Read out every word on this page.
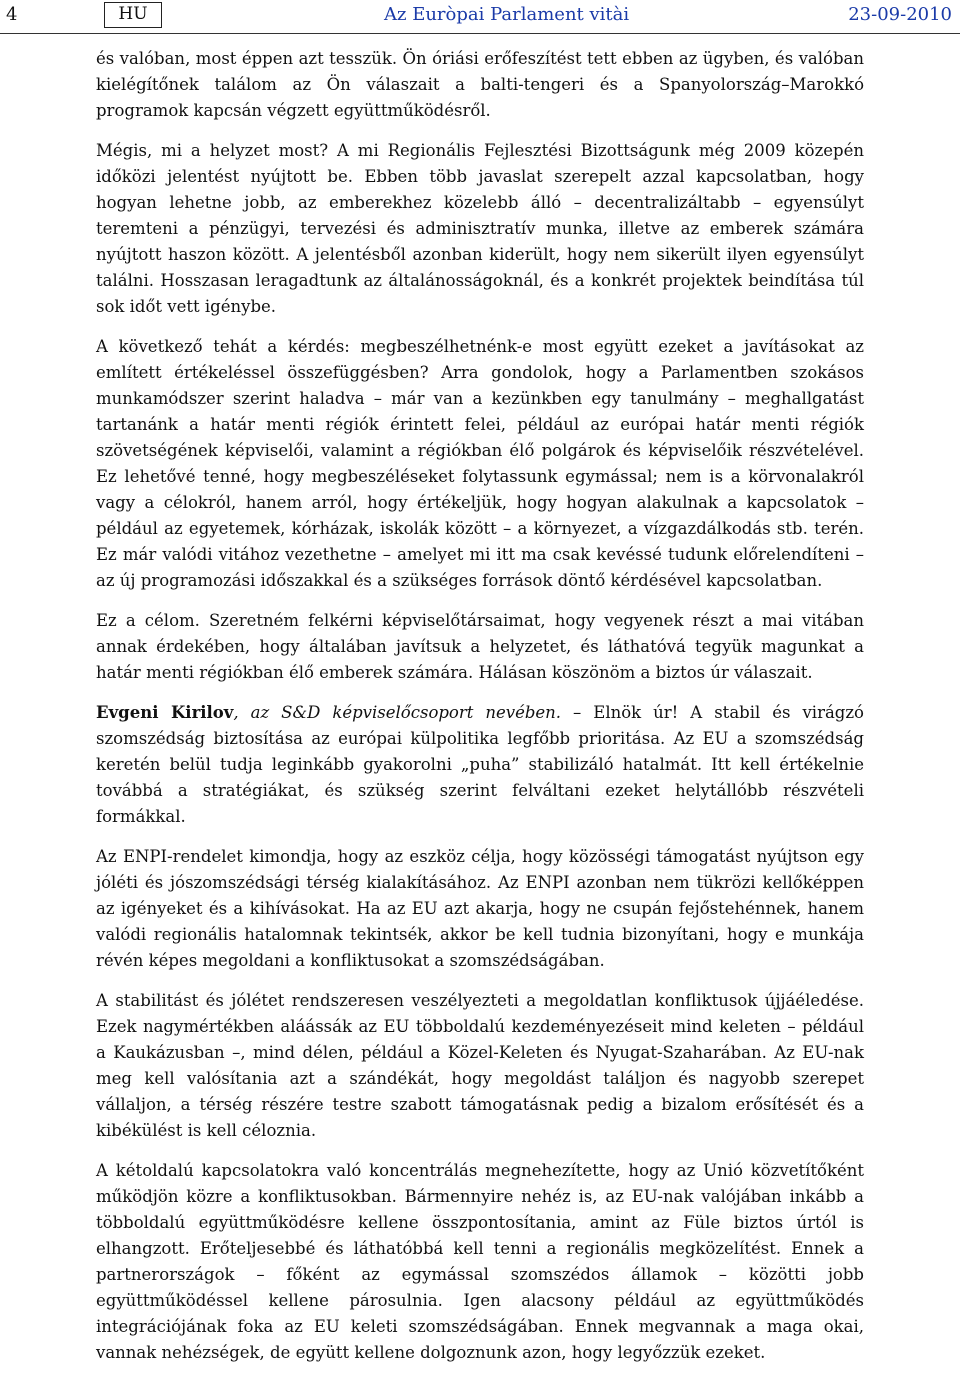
4	HU	Az Euròpai Parlament vitài	23-09-2010

és valóban, most éppen azt tesszük. Ön óriási erőfeszítést tett ebben az ügyben, és valóban kielégítőnek találom az Ön válaszait a balti-tengeri és a Spanyolország–Marokkó programok kapcsán végzett együttműködésről.

Mégis, mi a helyzet most? A mi Regionális Fejlesztési Bizottságunk még 2009 közepén időközi jelentést nyújtott be. Ebben több javaslat szerepelt azzal kapcsolatban, hogy hogyan lehetne jobb, az emberekhez közelebb álló – decentralizáltabb – egyensúlyt teremteni a pénzügyi, tervezési és adminisztratív munka, illetve az emberek számára nyújtott haszon között. A jelentésből azonban kiderült, hogy nem sikerült ilyen egyensúlyt találni. Hosszasan leragadtunk az általánosságoknál, és a konkrét projektek beindítása túl sok időt vett igénybe.

A következő tehát a kérdés: megbeszélhetnénk-e most együtt ezeket a javításokat az említett értékeléssel összefüggésben? Arra gondolok, hogy a Parlamentben szokásos munkamódszer szerint haladva – már van a kezünkben egy tanulmány – meghallgatást tartanánk a határ menti régiók érintett felei, például az európai határ menti régiók szövetségének képviselői, valamint a régiókban élő polgárok és képviselőik részvételével. Ez lehetővé tenné, hogy megbeszéléseket folytassunk egymással; nem is a körvonalakról vagy a célokról, hanem arról, hogy értékeljük, hogy hogyan alakulnak a kapcsolatok – például az egyetemek, kórházak, iskolák között – a környezet, a vízgazdálkodás stb. terén. Ez már valódi vitához vezethetne – amelyet mi itt ma csak kevéssé tudunk előrelendíteni – az új programozási időszakkal és a szükséges források döntő kérdésével kapcsolatban.

Ez a célom. Szeretném felkérni képviselőtársaimat, hogy vegyenek részt a mai vitában annak érdekében, hogy általában javítsuk a helyzetet, és láthatóvá tegyük magunkat a határ menti régiókban élő emberek számára. Hálásan köszönöm a biztos úr válaszait.

Evgeni Kirilov, az S&D képviselőcsoport nevében. – Elnök úr! A stabil és virágzó szomszédság biztosítása az európai külpolitika legfőbb prioritása. Az EU a szomszédság keretén belül tudja leginkább gyakorolni „puha” stabilizáló hatalmát. Itt kell értékelnie továbbá a stratégiákat, és szükség szerint felváltani ezeket helytállóbb részvételi formákkal.

Az ENPI-rendelet kimondja, hogy az eszköz célja, hogy közösségi támogatást nyújtson egy jóléti és jószomszédsági térség kialakításához. Az ENPI azonban nem tükrözi kellőképpen az igényeket és a kihívásokat. Ha az EU azt akarja, hogy ne csupán fejőstehénnek, hanem valódi regionális hatalomnak tekintsék, akkor be kell tudnia bizonyítani, hogy e munkája révén képes megoldani a konfliktusokat a szomszédságában.

A stabilitást és jólétet rendszeresen veszélyezteti a megoldatlan konfliktusok újjáéledése. Ezek nagymértékben aláássák az EU többoldalú kezdeményezéseit mind keleten – például a Kaukázusban –, mind délen, például a Közel-Keleten és Nyugat-Szaharában. Az EU-nak meg kell valósítania azt a szándékát, hogy megoldást találjon és nagyobb szerepet vállaljon, a térség részére testre szabott támogatásnak pedig a bizalom erősítését és a kibékülést is kell céloznia.

A kétoldalú kapcsolatokra való koncentrálás megnehezítette, hogy az Unió közvetítőként működjön közre a konfliktusokban. Bármennyire nehéz is, az EU-nak valójában inkább a többoldalú együttműködésre kellene összpontosítania, amint az Füle biztos úrtól is elhangzott. Erőteljesebbé és láthatóbbá kell tenni a regionális megközelítést. Ennek a partnerországok – főként az egymással szomszédos államok – közötti jobb együttműködéssel kellene párosulnia. Igen alacsony például az együttműködés integrációjának foka az EU keleti szomszédságában. Ennek megvannak a maga okai, vannak nehézségek, de együtt kellene dolgoznunk azon, hogy legyőzzük ezeket.
